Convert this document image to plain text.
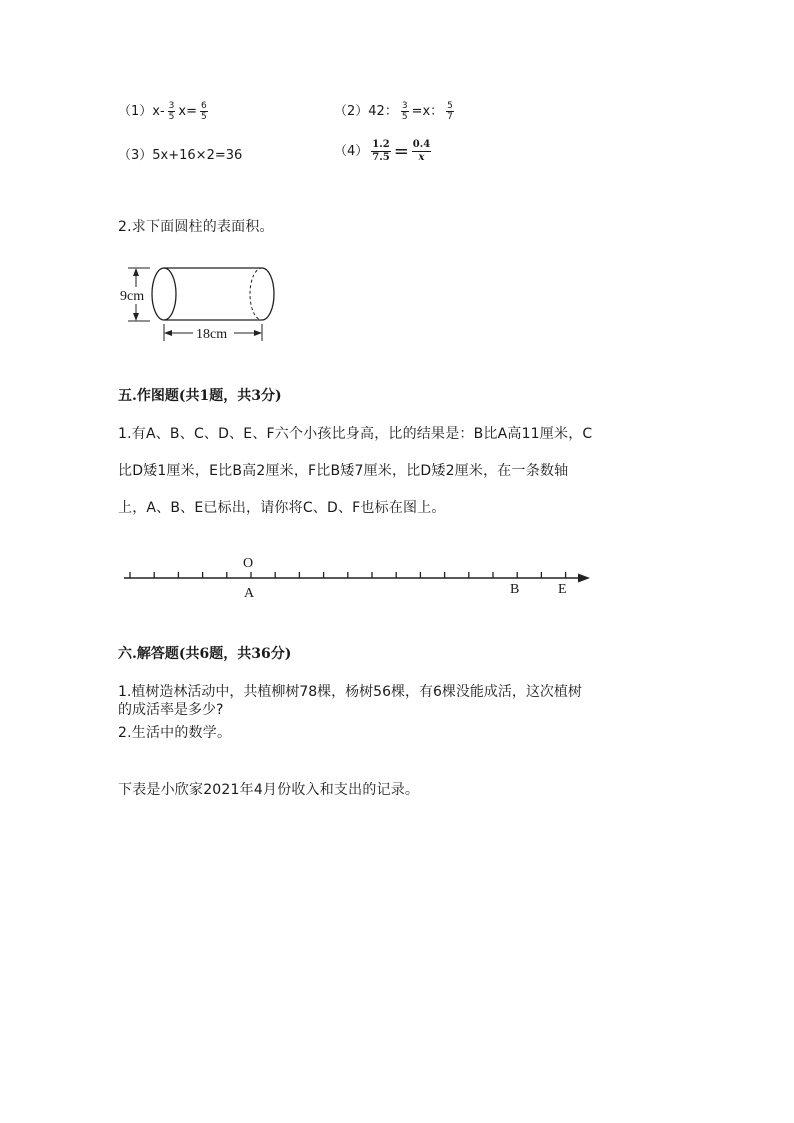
$(1)x- \frac{3}{5} x= \frac{6}{5}$	（2）42： $\frac{3}{5} =x$： $\frac{5}{7}$
（3）5x+16×2=36	$(4) \frac{1.2}{7.5} = \frac{0.4}{x}$
2.求下面圆柱的表面积。
9cm
18cm
五.作图题(共1题，共3分)
1.有A、B、C、D、E、F六个小孩比身高，比的结果是：B比A高11厘米，C
比D矮1厘米，E比B高2厘米，F比B矮7厘米，比D矮2厘米，在一条数轴
上，A、B、E已标出，请你将C、D、F也标在图上。
O
A	B	E
六.解答题(共6题，共36分)
1.植树造林活动中，共植柳树78棵，杨树56棵，有6棵没能成活，这次植树
的成活率是多少?
2.生活中的数学。
下表是小欣家2021年4月份收入和支出的记录。
